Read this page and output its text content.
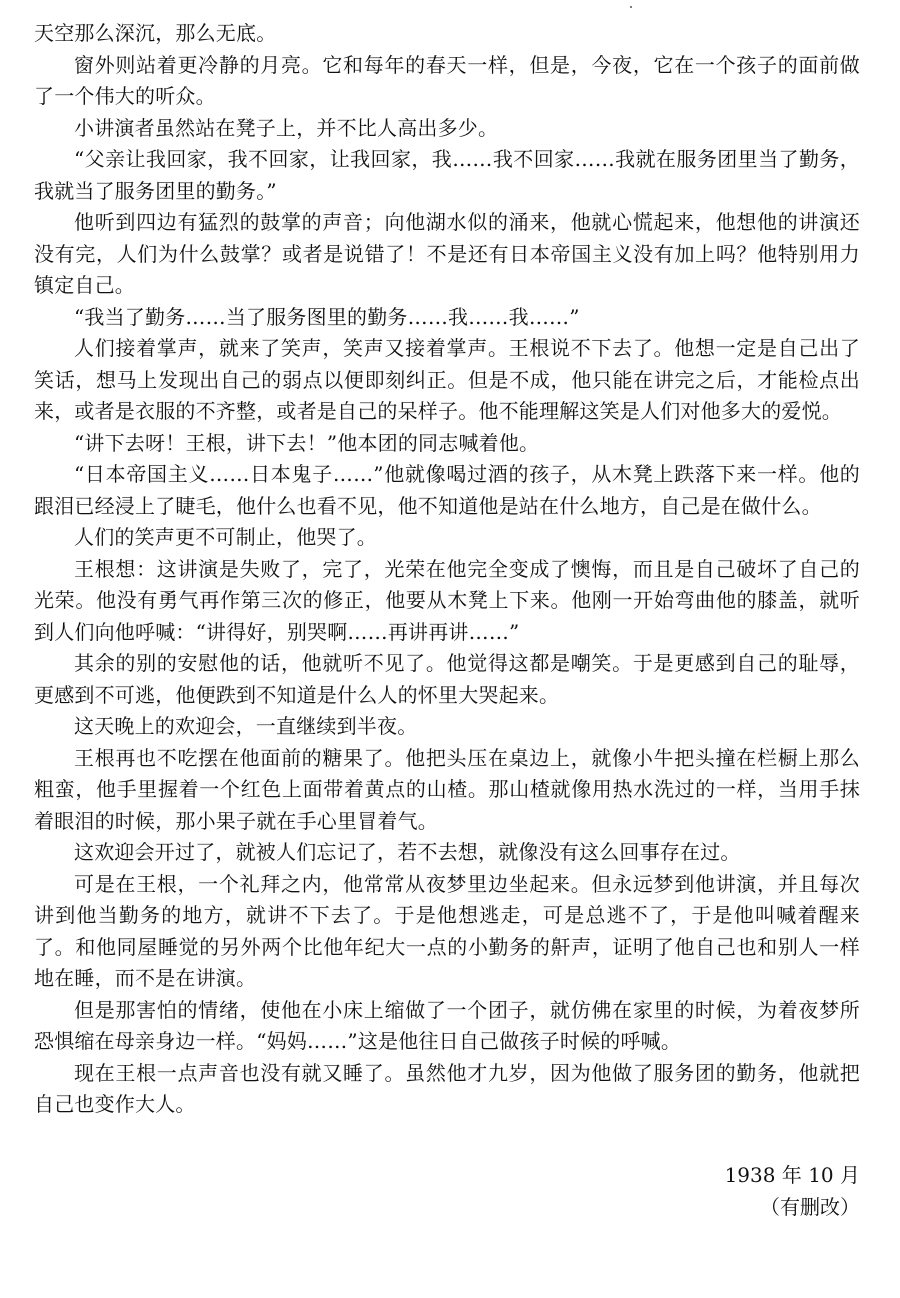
天空那么深沉，那么无底。

窗外则站着更冷静的月亮。它和每年的春天一样，但是，今夜，它在一个孩子的面前做了一个伟大的听众。

小讲演者虽然站在凳子上，并不比人高出多少。

“父亲让我回家，我不回家，让我回家，我……我不回家……我就在服务团里当了勤务，我就当了服务团里的勤务。”

他听到四边有猛烈的鼓掌的声音；向他湖水似的涌来，他就心慌起来，他想他的讲演还没有完，人们为什么鼓掌？或者是说错了！不是还有日本帝国主义没有加上吗？他特别用力镇定自己。

“我当了勤务……当了服务图里的勤务……我……我……”

人们接着掌声，就来了笑声，笑声又接着掌声。王根说不下去了。他想一定是自己出了笑话，想马上发现出自己的弱点以便即刻纠正。但是不成，他只能在讲完之后，才能检点出来，或者是衣服的不齐整，或者是自己的呆样子。他不能理解这笑是人们对他多大的爱悦。

“讲下去呀！王根，讲下去！”他本团的同志喊着他。

“日本帝国主义……日本鬼子……”他就像喝过酒的孩子，从木凳上跌落下来一样。他的跟泪已经浸上了睫毛，他什么也看不见，他不知道他是站在什么地方，自己是在做什么。

人们的笑声更不可制止，他哭了。

王根想：这讲演是失败了，完了，光荣在他完全变成了懊悔，而且是自己破坏了自己的光荣。他没有勇气再作第三次的修正，他要从木凳上下来。他刚一开始弯曲他的膝盖，就听到人们向他呼喊：“讲得好，别哭啊……再讲再讲……”

其余的别的安慰他的话，他就听不见了。他觉得这都是嘲笑。于是更感到自己的耻辱，更感到不可逃，他便跌到不知道是什么人的怀里大哭起来。

这天晚上的欢迎会，一直继续到半夜。

王根再也不吃摆在他面前的糖果了。他把头压在桌边上，就像小牛把头撞在栏橱上那么粗蛮，他手里握着一个红色上面带着黄点的山楂。那山楂就像用热水洗过的一样，当用手抹着眼泪的时候，那小果子就在手心里冒着气。

这欢迎会开过了，就被人们忘记了，若不去想，就像没有这么回事存在过。

可是在王根，一个礼拜之内，他常常从夜梦里边坐起来。但永远梦到他讲演，并且每次讲到他当勤务的地方，就讲不下去了。于是他想逃走，可是总逃不了，于是他叫喊着醒来了。和他同屋睡觉的另外两个比他年纪大一点的小勤务的鼾声，证明了他自己也和别人一样地在睡，而不是在讲演。

但是那害怕的情绪，使他在小床上缩做了一个团子，就仿佛在家里的时候，为着夜梦所恐惧缩在母亲身边一样。“妈妈……”这是他往日自己做孩子时候的呼喊。

现在王根一点声音也没有就又睡了。虽然他才九岁，因为他做了服务团的勤务，他就把自己也变作大人。

1938 年 10 月
（有删改）
